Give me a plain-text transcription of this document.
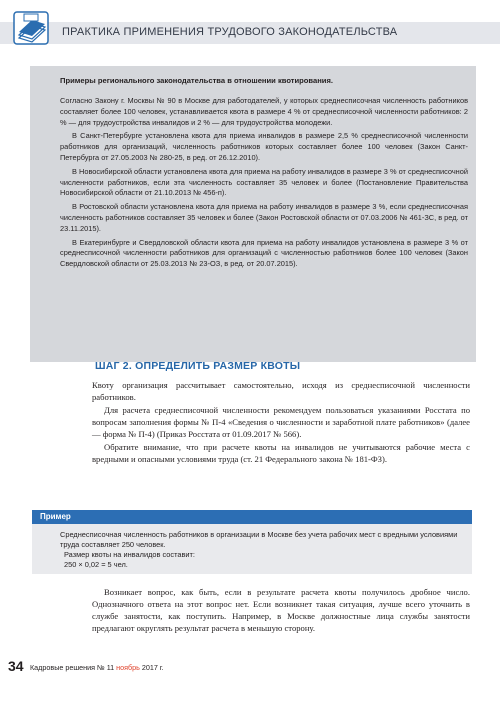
ПРАКТИКА ПРИМЕНЕНИЯ ТРУДОВОГО ЗАКОНОДАТЕЛЬСТВА
Примеры регионального законодательства в отношении квотирования.

Согласно Закону г. Москвы № 90 в Москве для работодателей, у которых среднесписочная численность работников составляет более 100 человек, устанавливается квота в размере 4 % от среднесписочной численности работников: 2 % — для трудоустройства инвалидов и 2 % — для трудоустройства молодежи.

В Санкт-Петербурге установлена квота для приема инвалидов в размере 2,5 % среднесписочной численности работников для организаций, численность работников которых составляет более 100 человек (Закон Санкт-Петербурга от 27.05.2003 № 280-25, в ред. от 26.12.2010).

В Новосибирской области установлена квота для приема на работу инвалидов в размере 3 % от среднесписочной численности работников, если эта численность составляет 35 человек и более (Постановление Правительства Новосибирской области от 21.10.2013 № 456-п).

В Ростовской области установлена квота для приема на работу инвалидов в размере 3 %, если среднесписочная численность работников составляет 35 человек и более (Закон Ростовской области от 07.03.2006 № 461-ЗС, в ред. от 23.11.2015).

В Екатеринбурге и Свердловской области квота для приема на работу инвалидов установлена в размере 3 % от среднесписочной численности работников для организаций с численностью работников более 100 человек (Закон Свердловской области от 25.03.2013 № 23-ОЗ, в ред. от 20.07.2015).

ШАГ 2. ОПРЕДЕЛИТЬ РАЗМЕР КВОТЫ

Квоту организация рассчитывает самостоятельно, исходя из среднесписочной численности работников.

Для расчета среднесписочной численности рекомендуем пользоваться указаниями Росстата по вопросам заполнения формы № П-4 «Сведения о численности и заработной плате работников» (далее — форма № П-4) (Приказ Росстата от 01.09.2017 № 566).

Обратите внимание, что при расчете квоты на инвалидов не учитываются рабочие места с вредными и опасными условиями труда (ст. 21 Федерального закона № 181-ФЗ).

Пример

Среднесписочная численность работников в организации в Москве без учета рабочих мест с вредными условиями труда составляет 250 человек.

Размер квоты на инвалидов составит:

250 × 0,02 = 5 чел.

Возникает вопрос, как быть, если в результате расчета квоты получилось дробное число. Однозначного ответа на этот вопрос нет. Если возникнет такая ситуация, лучше всего уточнить в службе занятости, как поступить. Например, в Москве должностные лица службы занятости предлагают округлять результат расчета в меньшую сторону.
34 Кадровые решения № 11 ноябрь 2017 г.
